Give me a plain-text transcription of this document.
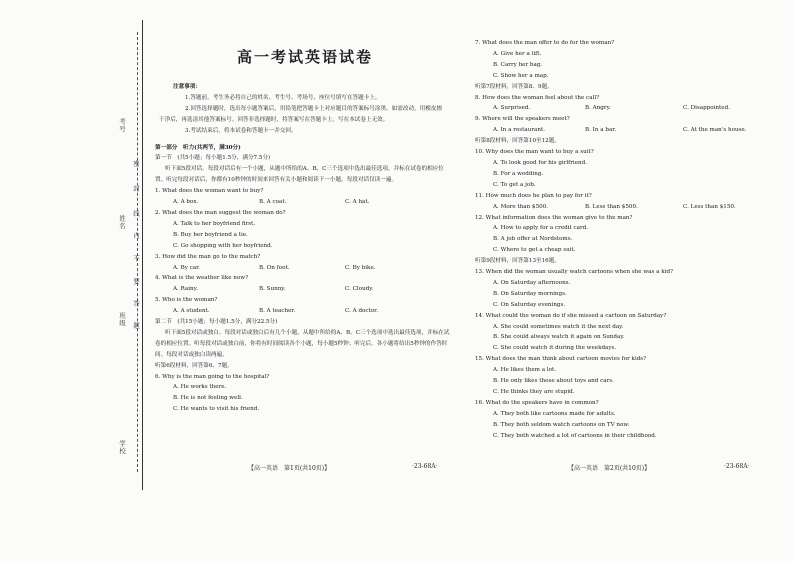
考号
姓名
班级
学校
密
封
线
内
不
要
答
题
高一考试英语试卷
注意事项：
1.答题前，考生务必将自己的姓名、考生号、考场号、座位号填写在答题卡上。
2.回答选择题时，选出每小题答案后，用铅笔把答题卡上对应题目的答案标号涂黑。如需改动，用橡皮擦干净后，再选涂其他答案标号。回答非选择题时，将答案写在答题卡上。写在本试卷上无效。
3.考试结束后，将本试卷和答题卡一并交回。
第一部分　听力(共两节，满30分)
第一节　(共5小题；每小题1.5分，满分7.5分)
听下面5段对话。每段对话后有一个小题，从题中所给的A、B、C三个选项中选出最佳选项，并标在试卷的相应位置。听完每段对话后，你都有10秒钟的时间来回答有关小题和阅读下一小题。每段对话仅读一遍。
1. What does the woman want to buy?
A. A box.	B. A coat.	C. A hat.
2. What does the man suggest the woman do?
A. Talk to her boyfriend first.
B. Buy her boyfriend a tie.
C. Go shopping with her boyfriend.
3. How did the man go to the match?
A. By car.	B. On foot.	C. By bike.
4. What is the weather like now?
A. Rainy.	B. Sunny.	C. Cloudy.
5. Who is the woman?
A. A student.	B. A teacher.	C. A doctor.
第二节　(共15小题；每小题1.5分，满分22.5分)
听下面5段对话或独白。每段对话或独白后有几个小题，从题中所给的A、B、C三个选项中选出最佳选项，并标在试卷的相应位置。听每段对话或独白前，你将有时间阅读各个小题，每小题5秒钟；听完后，各小题将给出5秒钟的作答时间。每段对话或独白读两遍。
听第6段材料，回答第6、7题。
6. Why is the man going to the hospital?
A. He works there.
B. He is not feeling well.
C. He wants to visit his friend.
7. What does the man offer to do for the woman?
A. Give her a lift.
B. Carry her bag.
C. Show her a map.
听第7段材料，回答第8、9题。
8. How does the woman feel about the call?
A. Surprised.	B. Angry.	C. Disappointed.
9. Where will the speakers meet?
A. In a restaurant.	B. In a bar.	C. At the man's house.
听第8段材料，回答第10至12题。
10. Why does the man want to buy a suit?
A. To look good for his girlfriend.
B. For a wedding.
C. To get a job.
11. How much does he plan to pay for it?
A. More than $500.	B. Less than $500.	C. Less than $150.
12. What information does the woman give to the man?
A. How to apply for a credit card.
B. A job offer at Nordstoms.
C. Where to get a cheap suit.
听第9段材料，回答第13至16题。
13. When did the woman usually watch cartoons when she was a kid?
A. On Saturday afternoons.
B. On Saturday mornings.
C. On Saturday evenings.
14. What could the woman do if she missed a cartoon on Saturday?
A. She could sometimes watch it the next day.
B. She could always watch it again on Sunday.
C. She could watch it during the weekdays.
15. What does the man think about cartoon movies for kids?
A. He likes them a lot.
B. He only likes those about toys and cars.
C. He thinks they are stupid.
16. What do the speakers have in common?
A. They both like cartoons made for adults.
B. They both seldom watch cartoons on TV now.
C. They both watched a lot of cartoons in their childhood.
【高一英语　第1页(共10页)】	·23-68A·	【高一英语　第2页(共10页)】	·23-68A·
